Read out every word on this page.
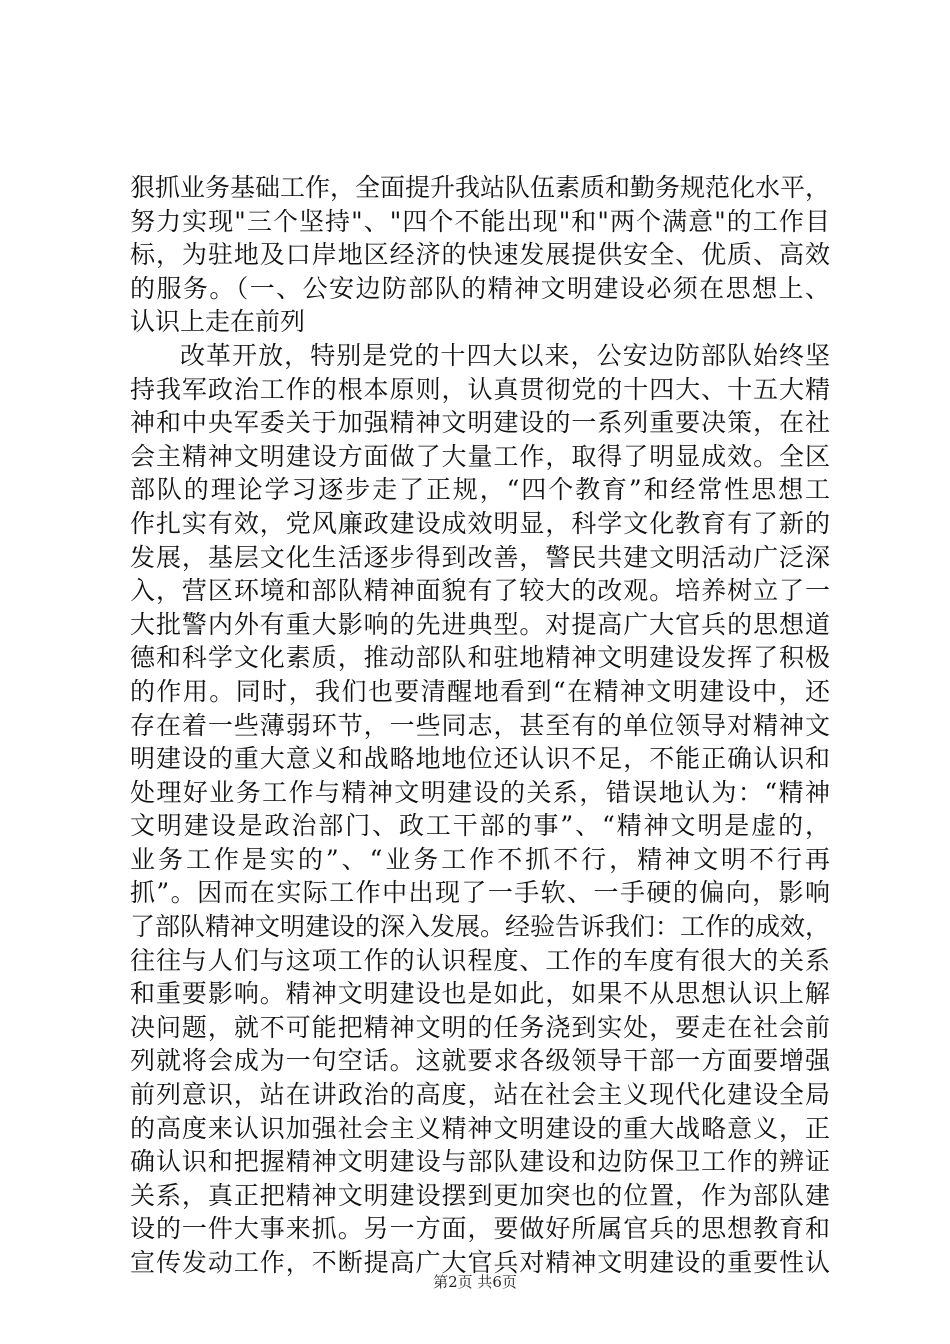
狠抓业务基础工作，全面提升我站队伍素质和勤务规范化水平，
努力实现"三个坚持"、"四个不能出现"和"两个满意"的工作目
标，为驻地及口岸地区经济的快速发展提供安全、优质、高效
的服务。（一、公安边防部队的精神文明建设必须在思想上、
认识上走在前列
改革开放，特别是党的十四大以来，公安边防部队始终坚
持我军政治工作的根本原则，认真贯彻党的十四大、十五大精
神和中央军委关于加强精神文明建设的一系列重要决策，在社
会主精神文明建设方面做了大量工作，取得了明显成效。全区
部队的理论学习逐步走了正规，“四个教育”和经常性思想工
作扎实有效，党风廉政建设成效明显，科学文化教育有了新的
发展，基层文化生活逐步得到改善，警民共建文明活动广泛深
入，营区环境和部队精神面貌有了较大的改观。培养树立了一
大批警内外有重大影响的先进典型。对提高广大官兵的思想道
德和科学文化素质，推动部队和驻地精神文明建设发挥了积极
的作用。同时，我们也要清醒地看到“在精神文明建设中，还
存在着一些薄弱环节，一些同志，甚至有的单位领导对精神文
明建设的重大意义和战略地地位还认识不足，不能正确认识和
处理好业务工作与精神文明建设的关系，错误地认为：“精神
文明建设是政治部门、政工干部的事”、“精神文明是虚的，
业务工作是实的”、“业务工作不抓不行，精神文明不行再
抓”。因而在实际工作中出现了一手软、一手硬的偏向，影响
了部队精神文明建设的深入发展。经验告诉我们：工作的成效，
往往与人们与这项工作的认识程度、工作的车度有很大的关系
和重要影响。精神文明建设也是如此，如果不从思想认识上解
决问题，就不可能把精神文明的任务浇到实处，要走在社会前
列就将会成为一句空话。这就要求各级领导干部一方面要增强
前列意识，站在讲政治的高度，站在社会主义现代化建设全局
的高度来认识加强社会主义精神文明建设的重大战略意义，正
确认识和把握精神文明建设与部队建设和边防保卫工作的辨证
关系，真正把精神文明建设摆到更加突也的位置，作为部队建
设的一件大事来抓。另一方面，要做好所属官兵的思想教育和
宣传发动工作，不断提高广大官兵对精神文明建设的重要性认
第2页 共6页
